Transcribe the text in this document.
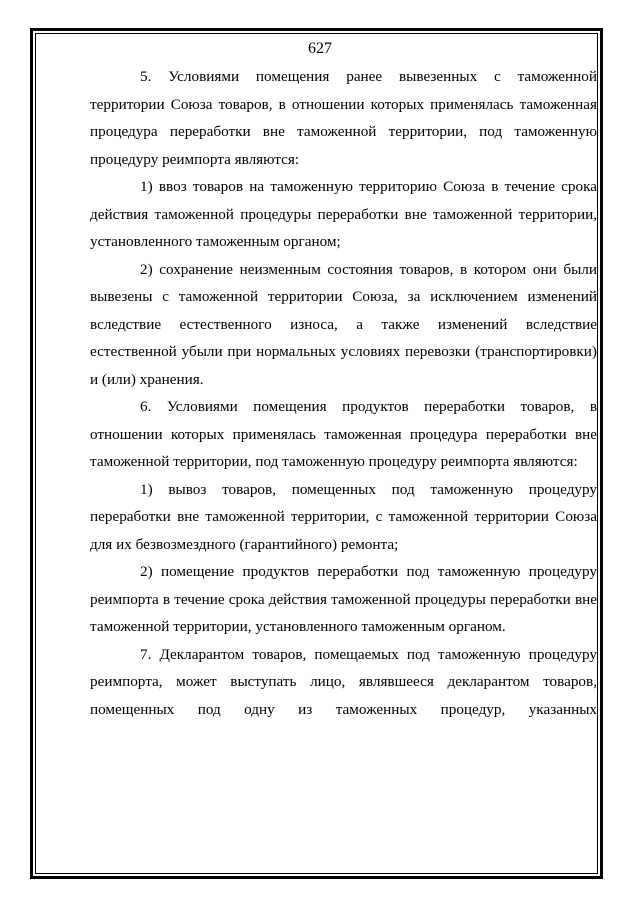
627

5. Условиями помещения ранее вывезенных с таможенной территории Союза товаров, в отношении которых применялась таможенная процедура переработки вне таможенной территории, под таможенную процедуру реимпорта являются:

1) ввоз товаров на таможенную территорию Союза в течение срока действия таможенной процедуры переработки вне таможенной территории, установленного таможенным органом;

2) сохранение неизменным состояния товаров, в котором они были вывезены с таможенной территории Союза, за исключением изменений вследствие естественного износа, а также изменений вследствие естественной убыли при нормальных условиях перевозки (транспортировки) и (или) хранения.

6. Условиями помещения продуктов переработки товаров, в отношении которых применялась таможенная процедура переработки вне таможенной территории, под таможенную процедуру реимпорта являются:

1) вывоз товаров, помещенных под таможенную процедуру переработки вне таможенной территории, с таможенной территории Союза для их безвозмездного (гарантийного) ремонта;

2) помещение продуктов переработки под таможенную процедуру реимпорта в течение срока действия таможенной процедуры переработки вне таможенной территории, установленного таможенным органом.

7. Декларантом товаров, помещаемых под таможенную процедуру реимпорта, может выступать лицо, являвшееся декларантом товаров, помещенных под одну из таможенных процедур, указанных
